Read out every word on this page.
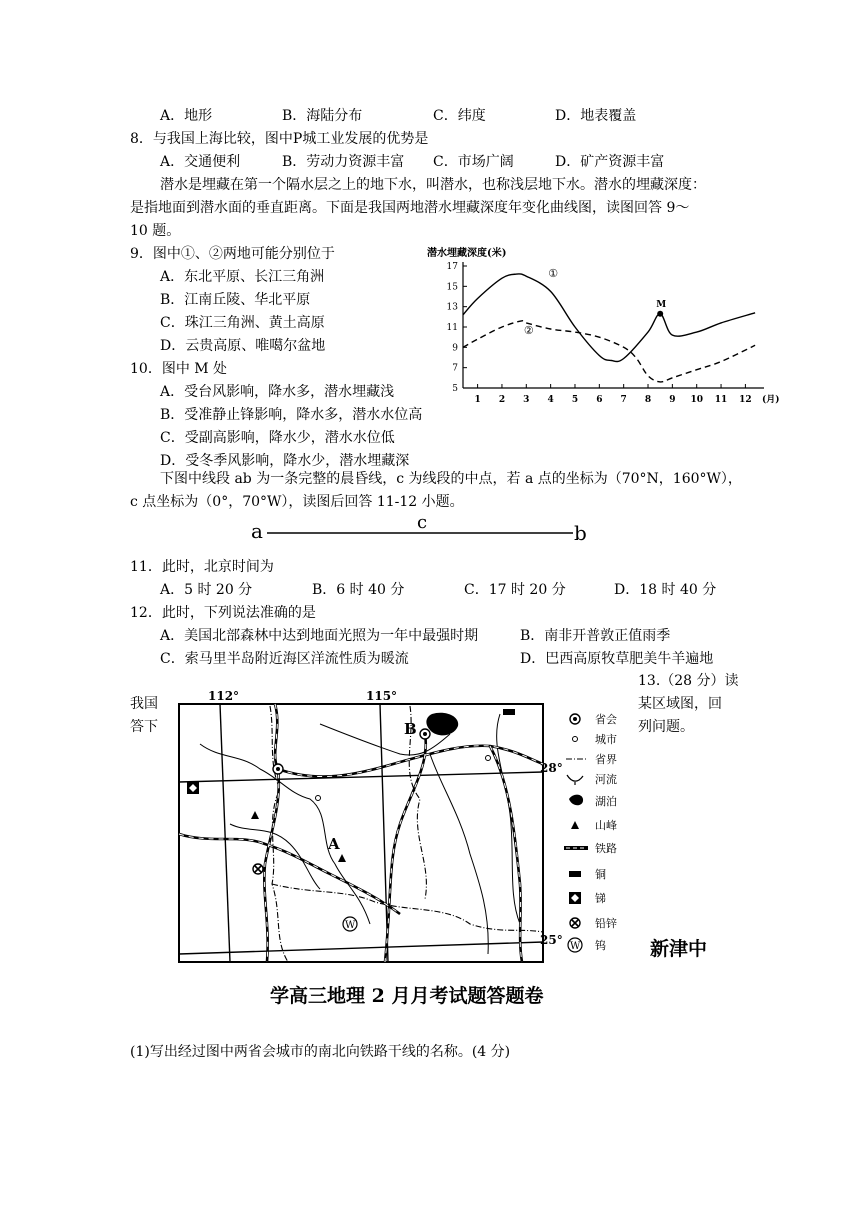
A．地形	B．海陆分布	C．纬度	D．地表覆盖
8．与我国上海比较，图中P城工业发展的优势是
A．交通便利	B．劳动力资源丰富 C．市场广阔	D．矿产资源丰富
潜水是埋藏在第一个隔水层之上的地下水，叫潜水，也称浅层地下水。潜水的埋藏深度：
是指地面到潜水面的垂直距离。下面是我国两地潜水埋藏深度年变化曲线图，读图回答 9～
10 题。
9．图中①、②两地可能分别位于
A．东北平原、长江三角洲
B．江南丘陵、华北平原
C．珠江三角洲、黄土高原
D．云贵高原、唯噶尔盆地
10．图中 M 处
A．受台风影响，降水多，潜水埋藏浅
B．受准静止锋影响，降水多，潜水水位高
C．受副高影响，降水少，潜水水位低
D．受冬季风影响，降水少，潜水埋藏深
潜水埋藏深度(米)
5
7
9
11
13
15
17
1 2 3 4 5 6 7 8 9 10 11 12 (月)
①
②
M
下图中线段 ab 为一条完整的晨昏线，c 为线段的中点，若 a 点的坐标为（70°N，160°W），
c 点坐标为（0°，70°W），读图后回答 11-12 小题。
a	c	b
11．此时，北京时间为
A．5 时 20 分	B．6 时 40 分	C．17 时 20 分	D．18 时 40 分
12．此时，下列说法准确的是
A．美国北部森林中达到地面光照为一年中最强时期	B．南非开普敦正值雨季
C．索马里半岛附近海区洋流性质为暖流	D．巴西高原牧草肥美牛羊遍地
13.（28 分）读
我国	某区域图，回
答下	列问题。
112°	115°
28°
25°
W
A
B
省会
城市
省界
河流
湖泊
山峰
铁路
铜
锑
铅锌
W 钨 新津中
学高三地理 2 月月考试题答题卷
(1)写出经过图中两省会城市的南北向铁路干线的名称。(4 分)
